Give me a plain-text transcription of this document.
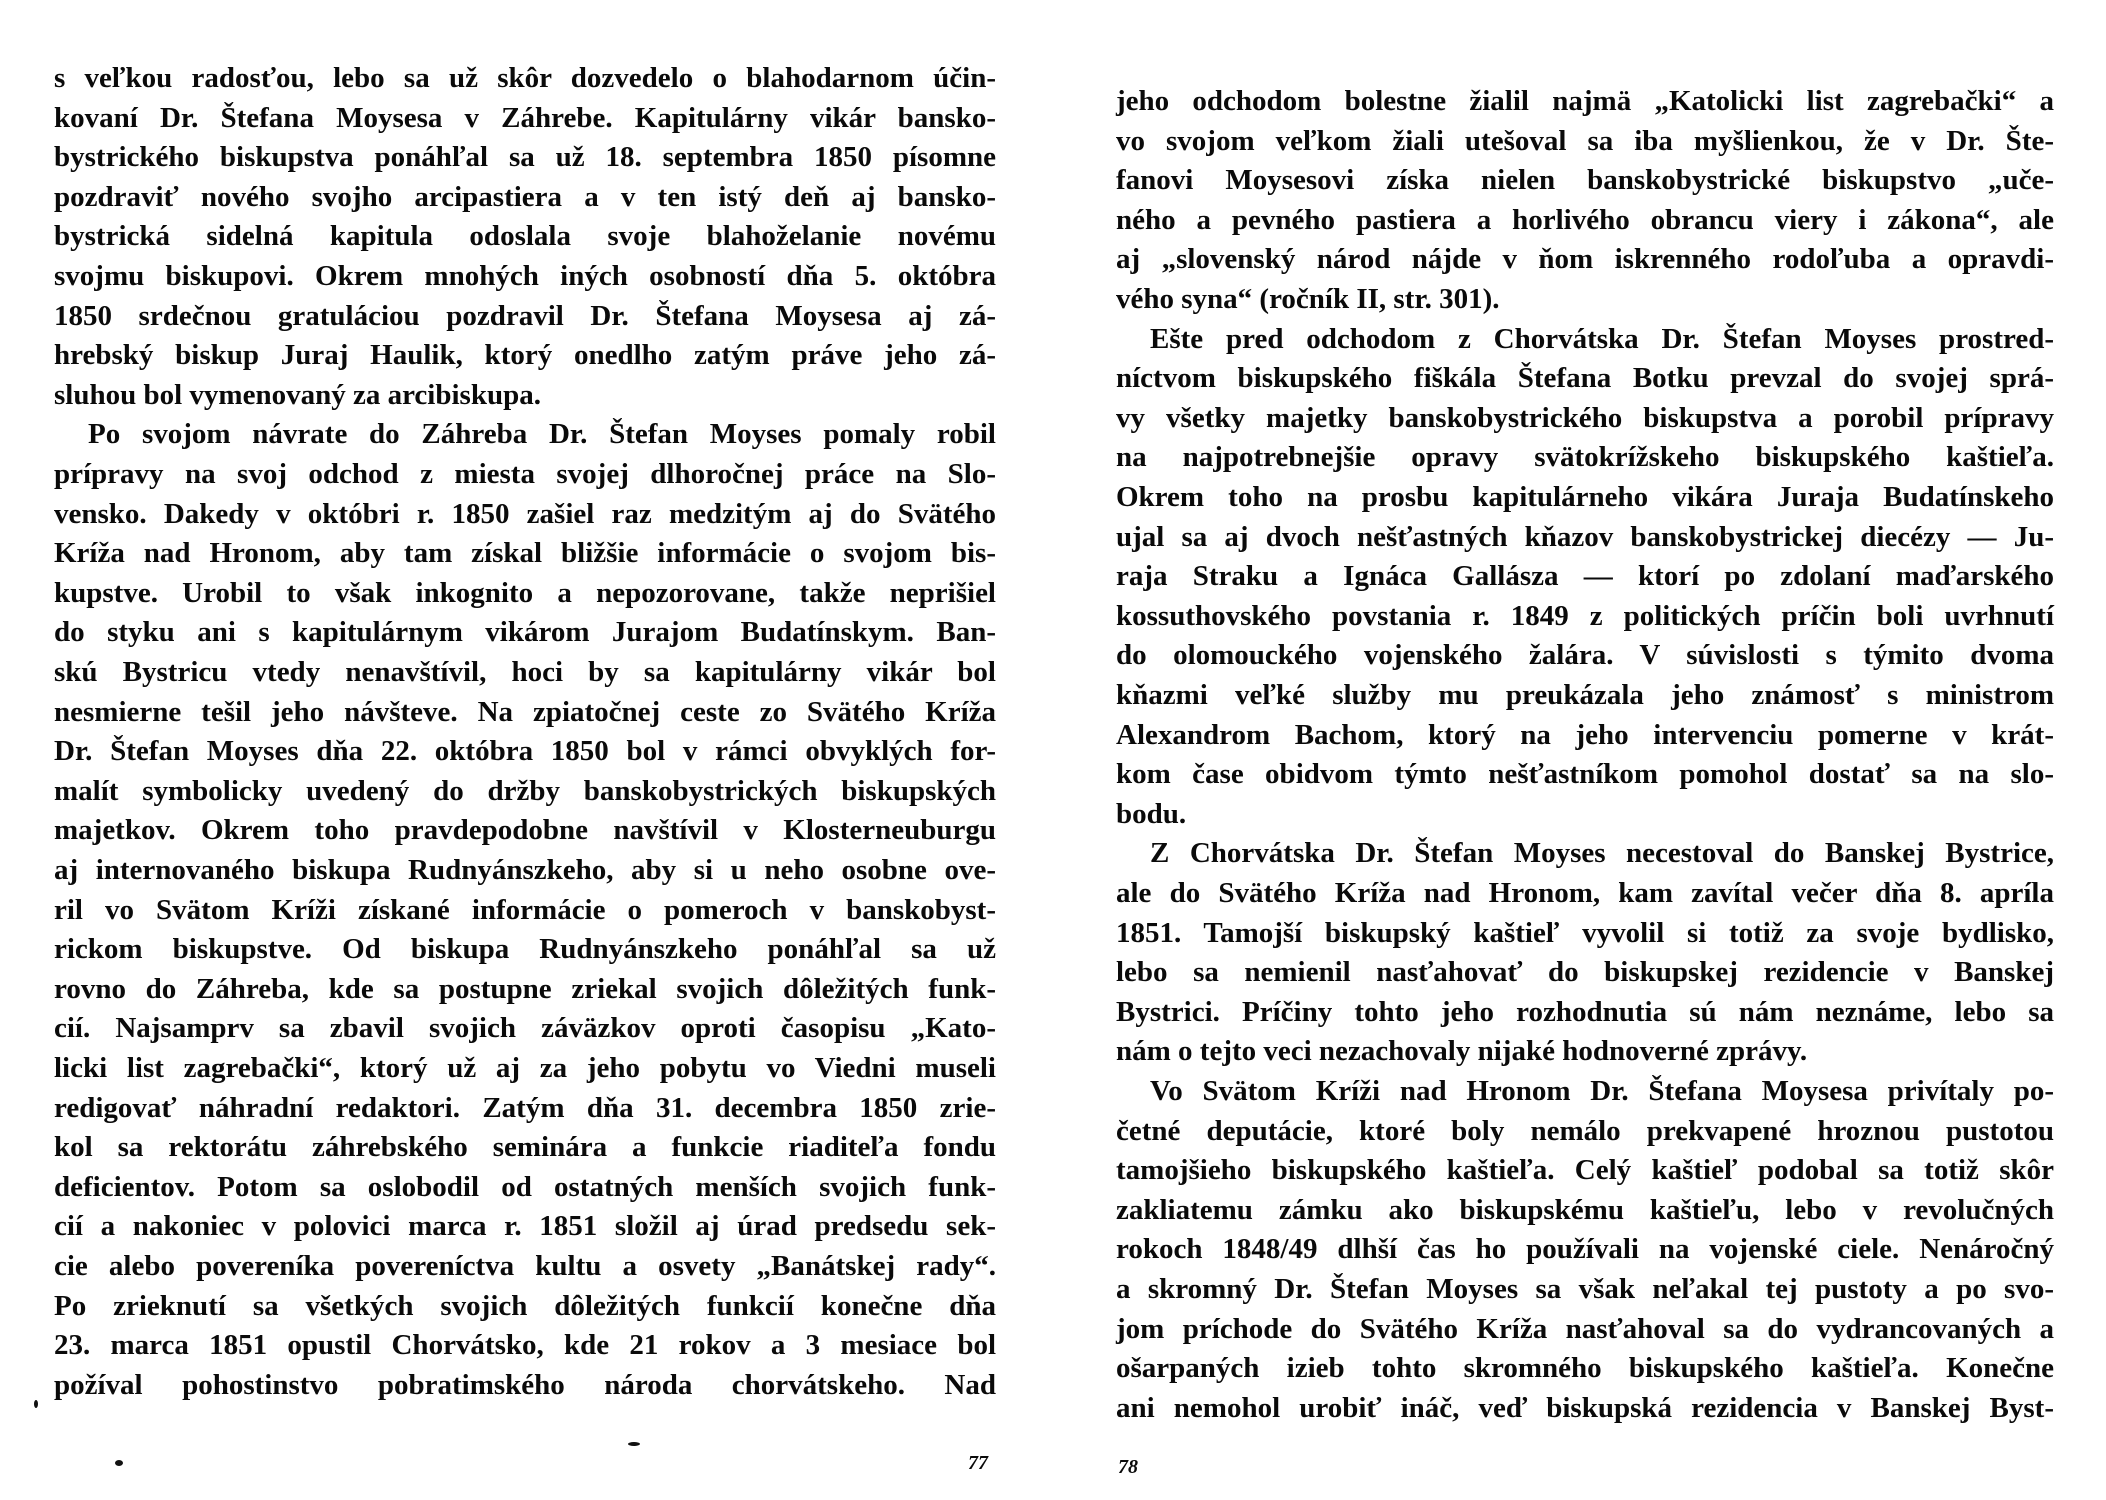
s veľkou radosťou, lebo sa už skôr dozvedelo o blahodarnom účin-
kovaní Dr. Štefana Moysesa v Záhrebe. Kapitulárny vikár bansko-
bystrického biskupstva ponáhľal sa už 18. septembra 1850 písomne
pozdraviť nového svojho arcipastiera a v ten istý deň aj bansko-
bystrická sidelná kapitula odoslala svoje blahoželanie novému
svojmu biskupovi. Okrem mnohých iných osobností dňa 5. októbra
1850 srdečnou gratuláciou pozdravil Dr. Štefana Moysesa aj zá-
hrebský biskup Juraj Haulik, ktorý onedlho zatým práve jeho zá-
sluhou bol vymenovaný za arcibiskupa.
Po svojom návrate do Záhreba Dr. Štefan Moyses pomaly robil
prípravy na svoj odchod z miesta svojej dlhoročnej práce na Slo-
vensko. Dakedy v októbri r. 1850 zašiel raz medzitým aj do Svätého
Kríža nad Hronom, aby tam získal bližšie informácie o svojom bis-
kupstve. Urobil to však inkognito a nepozorovane, takže neprišiel
do styku ani s kapitulárnym vikárom Jurajom Budatínskym. Ban-
skú Bystricu vtedy nenavštívil, hoci by sa kapitulárny vikár bol
nesmierne tešil jeho návšteve. Na zpiatočnej ceste zo Svätého Kríža
Dr. Štefan Moyses dňa 22. októbra 1850 bol v rámci obvyklých for-
malít symbolicky uvedený do držby banskobystrických biskupských
majetkov. Okrem toho pravdepodobne navštívil v Klosterneuburgu
aj internovaného biskupa Rudnyánszkeho, aby si u neho osobne ove-
ril vo Svätom Kríži získané informácie o pomeroch v banskobyst-
rickom biskupstve. Od biskupa Rudnyánszkeho ponáhľal sa už
rovno do Záhreba, kde sa postupne zriekal svojich dôležitých funk-
cií. Najsamprv sa zbavil svojich záväzkov oproti časopisu „Kato-
licki list zagrebački“, ktorý už aj za jeho pobytu vo Viedni museli
redigovať náhradní redaktori. Zatým dňa 31. decembra 1850 zrie-
kol sa rektorátu záhrebského seminára a funkcie riaditeľa fondu
deficientov. Potom sa oslobodil od ostatných menších svojich funk-
cií a nakoniec v polovici marca r. 1851 složil aj úrad predsedu sek-
cie alebo povereníka povereníctva kultu a osvety „Banátskej rady“.
Po zrieknutí sa všetkých svojich dôležitých funkcií konečne dňa
23. marca 1851 opustil Chorvátsko, kde 21 rokov a 3 mesiace bol
požíval pohostinstvo pobratimského národa chorvátskeho. Nad
jeho odchodom bolestne žialil najmä „Katolicki list zagrebački“ a
vo svojom veľkom žiali utešoval sa iba myšlienkou, že v Dr. Šte-
fanovi Moysesovi získa nielen banskobystrické biskupstvo „uče-
ného a pevného pastiera a horlivého obrancu viery i zákona“, ale
aj „slovenský národ nájde v ňom iskrenného rodoľuba a opravdi-
vého syna“ (ročník II, str. 301).
Ešte pred odchodom z Chorvátska Dr. Štefan Moyses prostred-
níctvom biskupského fiškála Štefana Botku prevzal do svojej sprá-
vy všetky majetky banskobystrického biskupstva a porobil prípravy
na najpotrebnejšie opravy svätokrížskeho biskupského kaštieľa.
Okrem toho na prosbu kapitulárneho vikára Juraja Budatínskeho
ujal sa aj dvoch nešťastných kňazov banskobystrickej diecézy — Ju-
raja Straku a Ignáca Gallásza — ktorí po zdolaní maďarského
kossuthovského povstania r. 1849 z politických príčin boli uvrhnutí
do olomouckého vojenského žalára. V súvislosti s týmito dvoma
kňazmi veľké služby mu preukázala jeho známosť s ministrom
Alexandrom Bachom, ktorý na jeho intervenciu pomerne v krát-
kom čase obidvom týmto nešťastníkom pomohol dostať sa na slo-
bodu.
Z Chorvátska Dr. Štefan Moyses necestoval do Banskej Bystrice,
ale do Svätého Kríža nad Hronom, kam zavítal večer dňa 8. apríla
1851. Tamojší biskupský kaštieľ vyvolil si totiž za svoje bydlisko,
lebo sa nemienil nasťahovať do biskupskej rezidencie v Banskej
Bystrici. Príčiny tohto jeho rozhodnutia sú nám neznáme, lebo sa
nám o tejto veci nezachovaly nijaké hodnoverné zprávy.
Vo Svätom Kríži nad Hronom Dr. Štefana Moysesa privítaly po-
četné deputácie, ktoré boly nemálo prekvapené hroznou pustotou
tamojšieho biskupského kaštieľa. Celý kaštieľ podobal sa totiž skôr
zakliatemu zámku ako biskupskému kaštieľu, lebo v revolučných
rokoch 1848/49 dlhší čas ho používali na vojenské ciele. Nenáročný
a skromný Dr. Štefan Moyses sa však neľakal tej pustoty a po svo-
jom príchode do Svätého Kríža nasťahoval sa do vydrancovaných a
ošarpaných izieb tohto skromného biskupského kaštieľa. Konečne
ani nemohol urobiť ináč, veď biskupská rezidencia v Banskej Byst-
77	78
